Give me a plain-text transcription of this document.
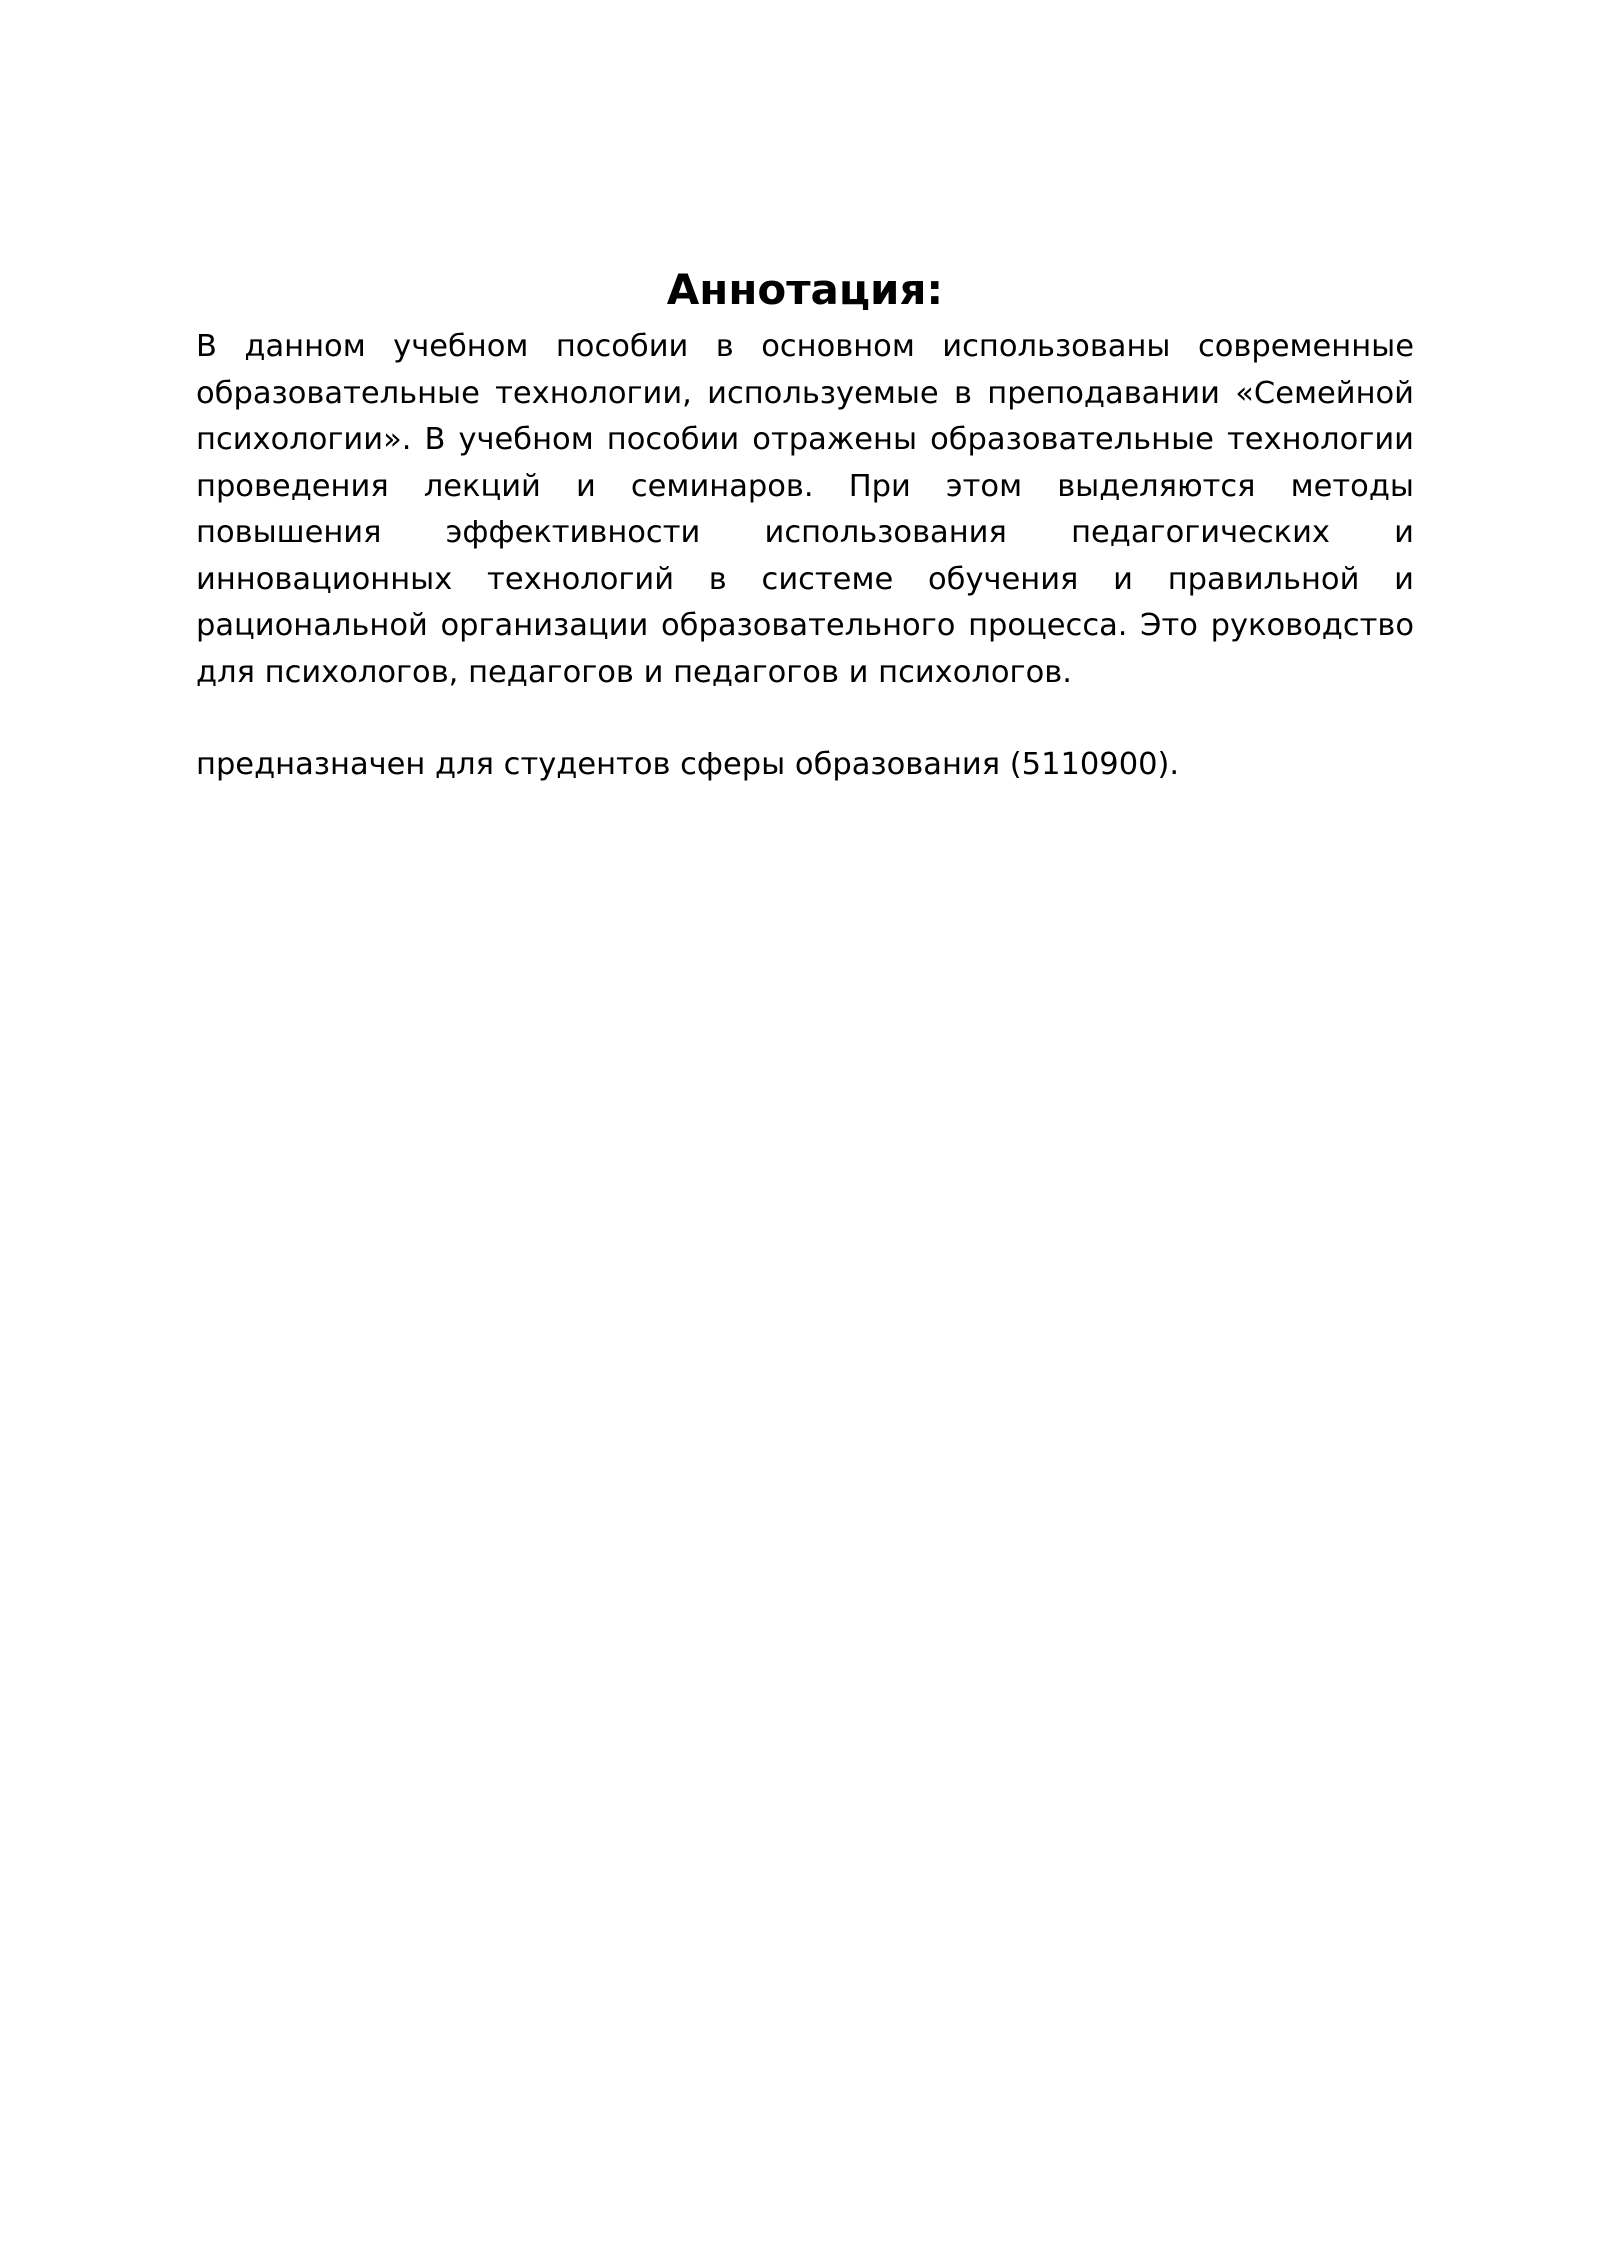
Аннотация:

В данном учебном пособии в основном использованы современные
образовательные технологии, используемые в преподавании «Семейной
психологии». В учебном пособии отражены образовательные технологии
проведения лекций и семинаров. При этом выделяются методы
повышения эффективности использования педагогических и
инновационных технологий в системе обучения и правильной и
рациональной организации образовательного процесса. Это руководство
для психологов, педагогов и педагогов и психологов.

предназначен для студентов сферы образования (5110900).
